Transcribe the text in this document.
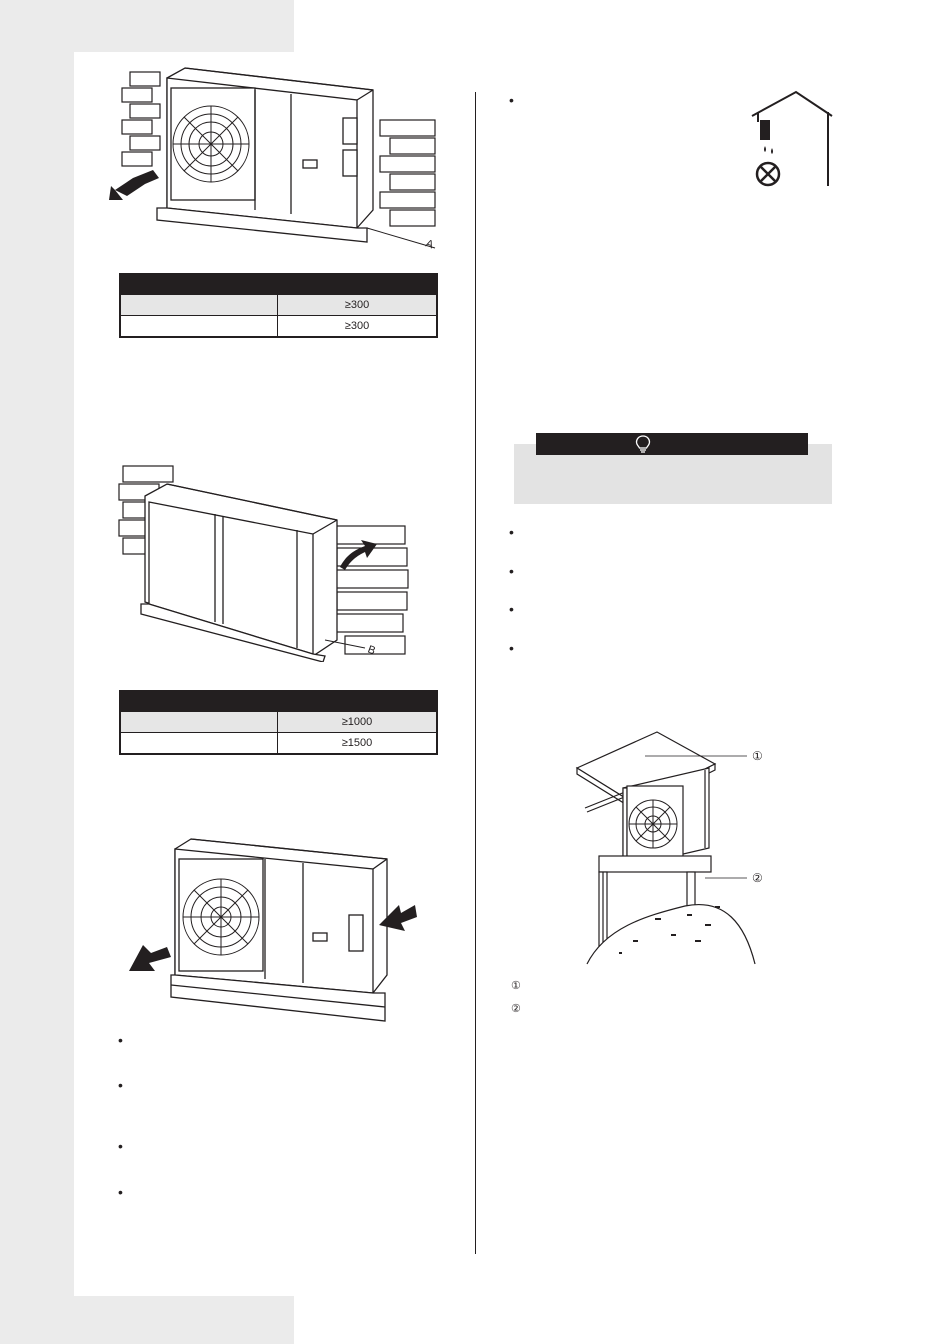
A

	≥300
	≥300
B

	≥1000
	≥1500
•
•
•
•
•
•
•
•
•
①
②
①
②
